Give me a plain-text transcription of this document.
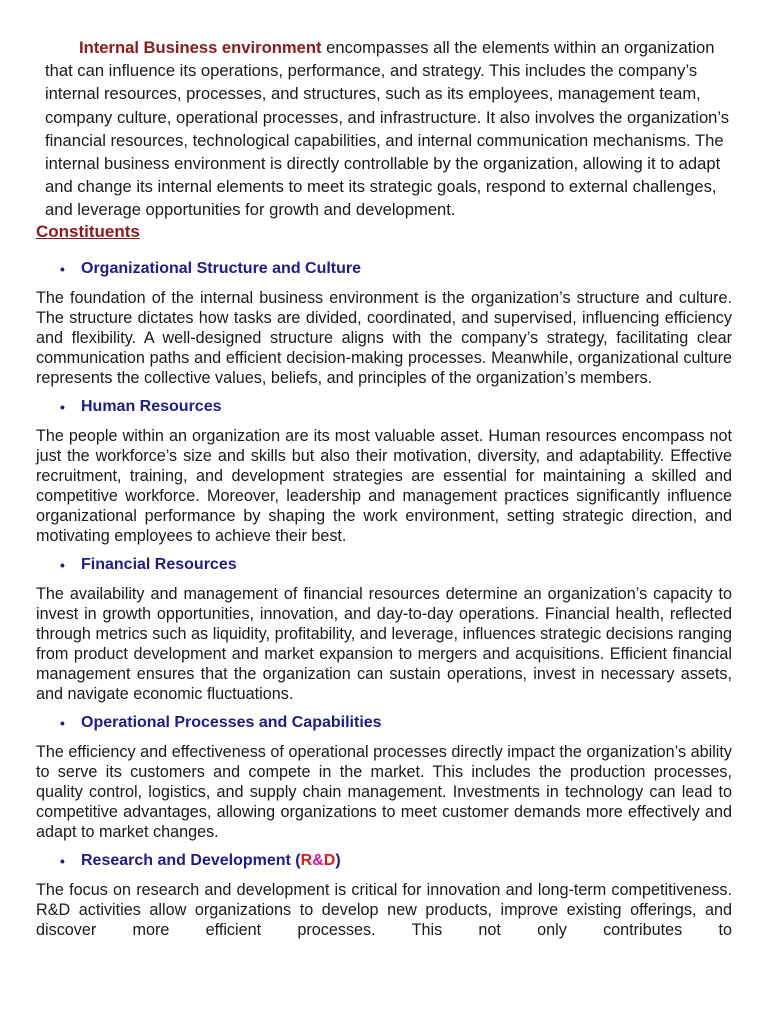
Internal Business environment encompasses all the elements within an organization that can influence its operations, performance, and strategy. This includes the company’s internal resources, processes, and structures, such as its employees, management team, company culture, operational processes, and infrastructure. It also involves the organization’s financial resources, technological capabilities, and internal communication mechanisms. The internal business environment is directly controllable by the organization, allowing it to adapt and change its internal elements to meet its strategic goals, respond to external challenges, and leverage opportunities for growth and development.

Constituents
• Organizational Structure and Culture

The foundation of the internal business environment is the organization’s structure and culture. The structure dictates how tasks are divided, coordinated, and supervised, influencing efficiency and flexibility. A well-designed structure aligns with the company’s strategy, facilitating clear communication paths and efficient decision-making processes. Meanwhile, organizational culture represents the collective values, beliefs, and principles of the organization’s members.

• Human Resources

The people within an organization are its most valuable asset. Human resources encompass not just the workforce’s size and skills but also their motivation, diversity, and adaptability. Effective recruitment, training, and development strategies are essential for maintaining a skilled and competitive workforce. Moreover, leadership and management practices significantly influence organizational performance by shaping the work environment, setting strategic direction, and motivating employees to achieve their best.

• Financial Resources

The availability and management of financial resources determine an organization’s capacity to invest in growth opportunities, innovation, and day-to-day operations. Financial health, reflected through metrics such as liquidity, profitability, and leverage, influences strategic decisions ranging from product development and market expansion to mergers and acquisitions. Efficient financial management ensures that the organization can sustain operations, invest in necessary assets, and navigate economic fluctuations.

• Operational Processes and Capabilities

The efficiency and effectiveness of operational processes directly impact the organization’s ability to serve its customers and compete in the market. This includes the production processes, quality control, logistics, and supply chain management. Investments in technology can lead to competitive advantages, allowing organizations to meet customer demands more effectively and adapt to market changes.

• Research and Development (R&D)

The focus on research and development is critical for innovation and long-term competitiveness. R&D activities allow organizations to develop new products, improve existing offerings, and discover more efficient processes. This not only contributes to
